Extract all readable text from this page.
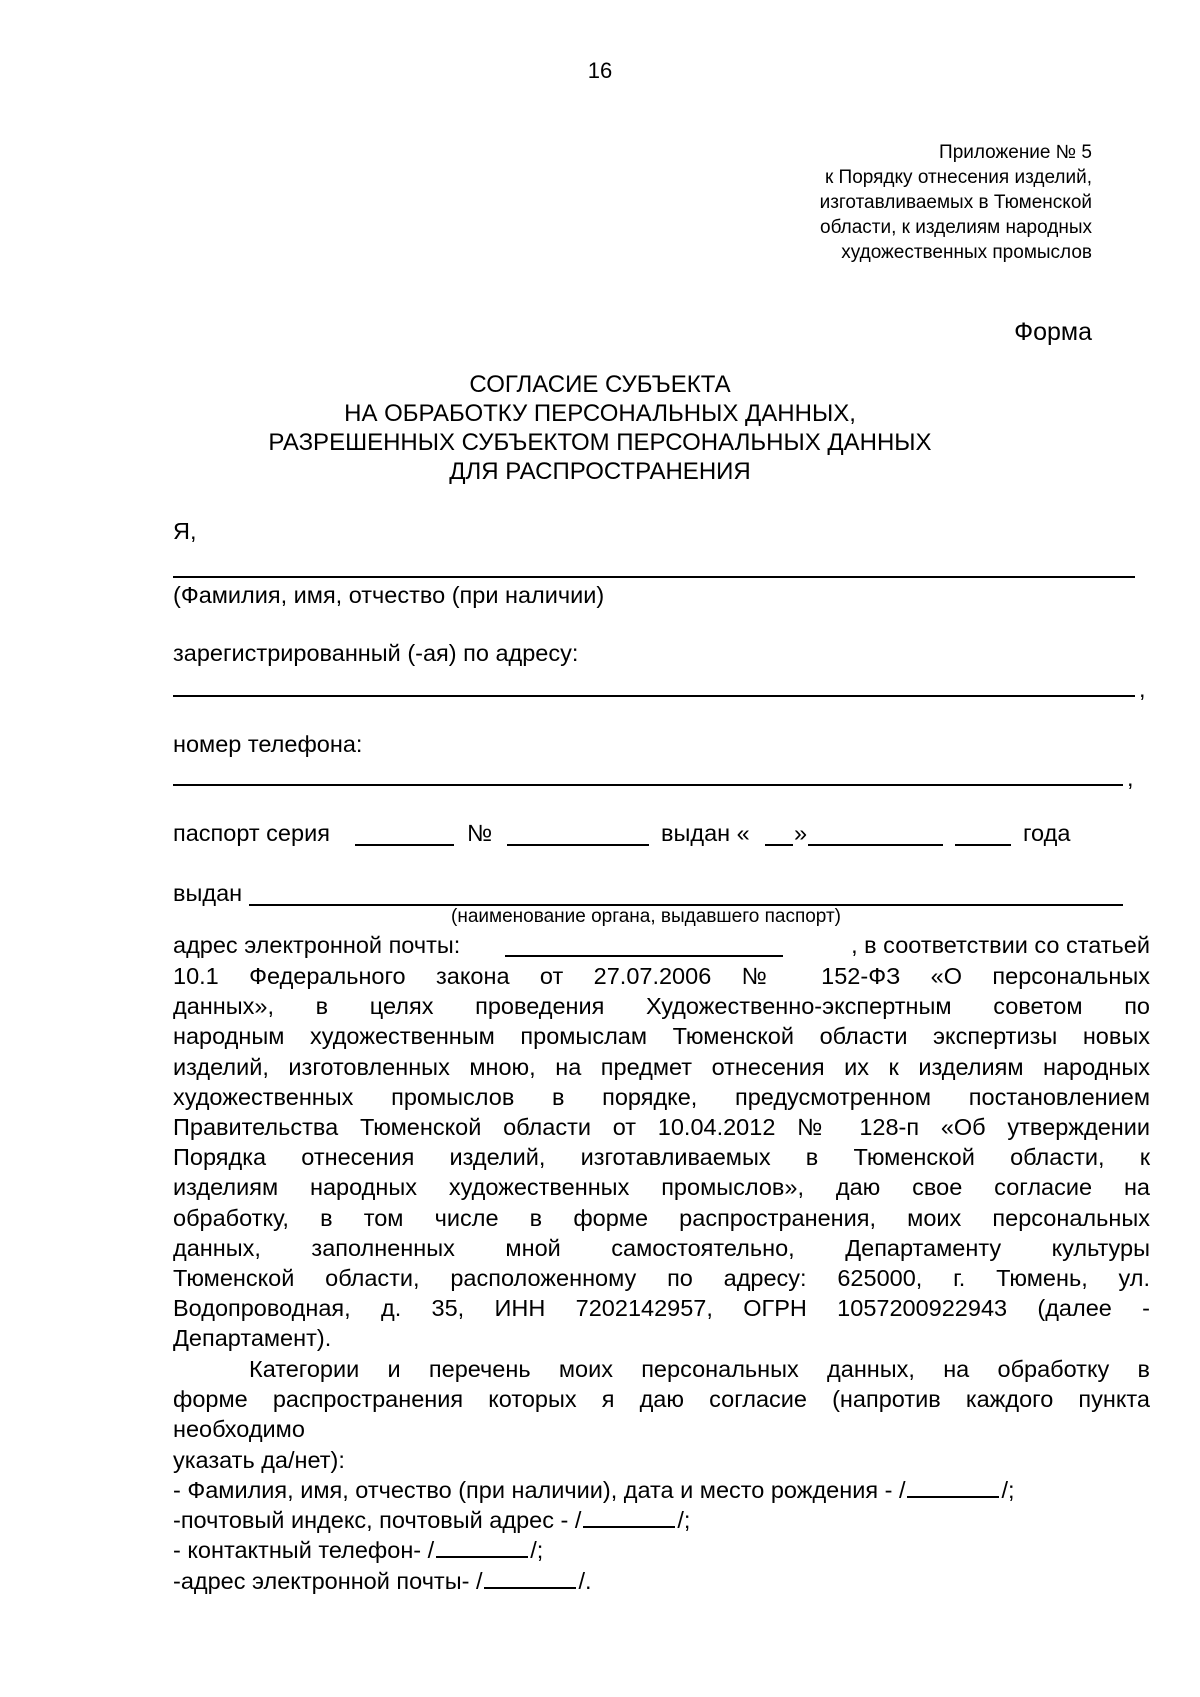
16
Приложение № 5
к Порядку отнесения изделий,
изготавливаемых в Тюменской
области, к изделиям народных
художественных промыслов
Форма
СОГЛАСИЕ СУБЪЕКТА
НА ОБРАБОТКУ ПЕРСОНАЛЬНЫХ ДАННЫХ,
РАЗРЕШЕННЫХ СУБЪЕКТОМ ПЕРСОНАЛЬНЫХ ДАННЫХ
ДЛЯ РАСПРОСТРАНЕНИЯ
Я,
(Фамилия, имя, отчество (при наличии)
зарегистрированный (-ая) по адресу:
,
номер телефона:
,
паспорт серия	№	выдан « »	года
выдан
(наименование органа, выдавшего паспорт)
адрес электронной почты:	, в соответствии со статьей
10.1 Федерального закона от 27.07.2006 № 152-ФЗ «О персональных
данных», в целях проведения Художественно-экспертным советом по
народным художественным промыслам Тюменской области экспертизы новых
изделий, изготовленных мною, на предмет отнесения их к изделиям народных
художественных промыслов в порядке, предусмотренном постановлением
Правительства Тюменской области от 10.04.2012 № 128-п «Об утверждении
Порядка отнесения изделий, изготавливаемых в Тюменской области, к
изделиям народных художественных промыслов», даю свое согласие на
обработку, в том числе в форме распространения, моих персональных
данных, заполненных мной самостоятельно, Департаменту культуры
Тюменской области, расположенному по адресу: 625000, г. Тюмень, ул.
Водопроводная, д. 35, ИНН 7202142957, ОГРН 1057200922943 (далее -
Департамент).
Категории и перечень моих персональных данных, на обработку в
форме распространения которых я даю согласие (напротив каждого пункта
необходимо
указать да/нет):
- Фамилия, имя, отчество (при наличии), дата и место рождения - /	/;
-почтовый индекс, почтовый адрес - /	/;
- контактный телефон- /	/;
-адрес электронной почты- /	/.
